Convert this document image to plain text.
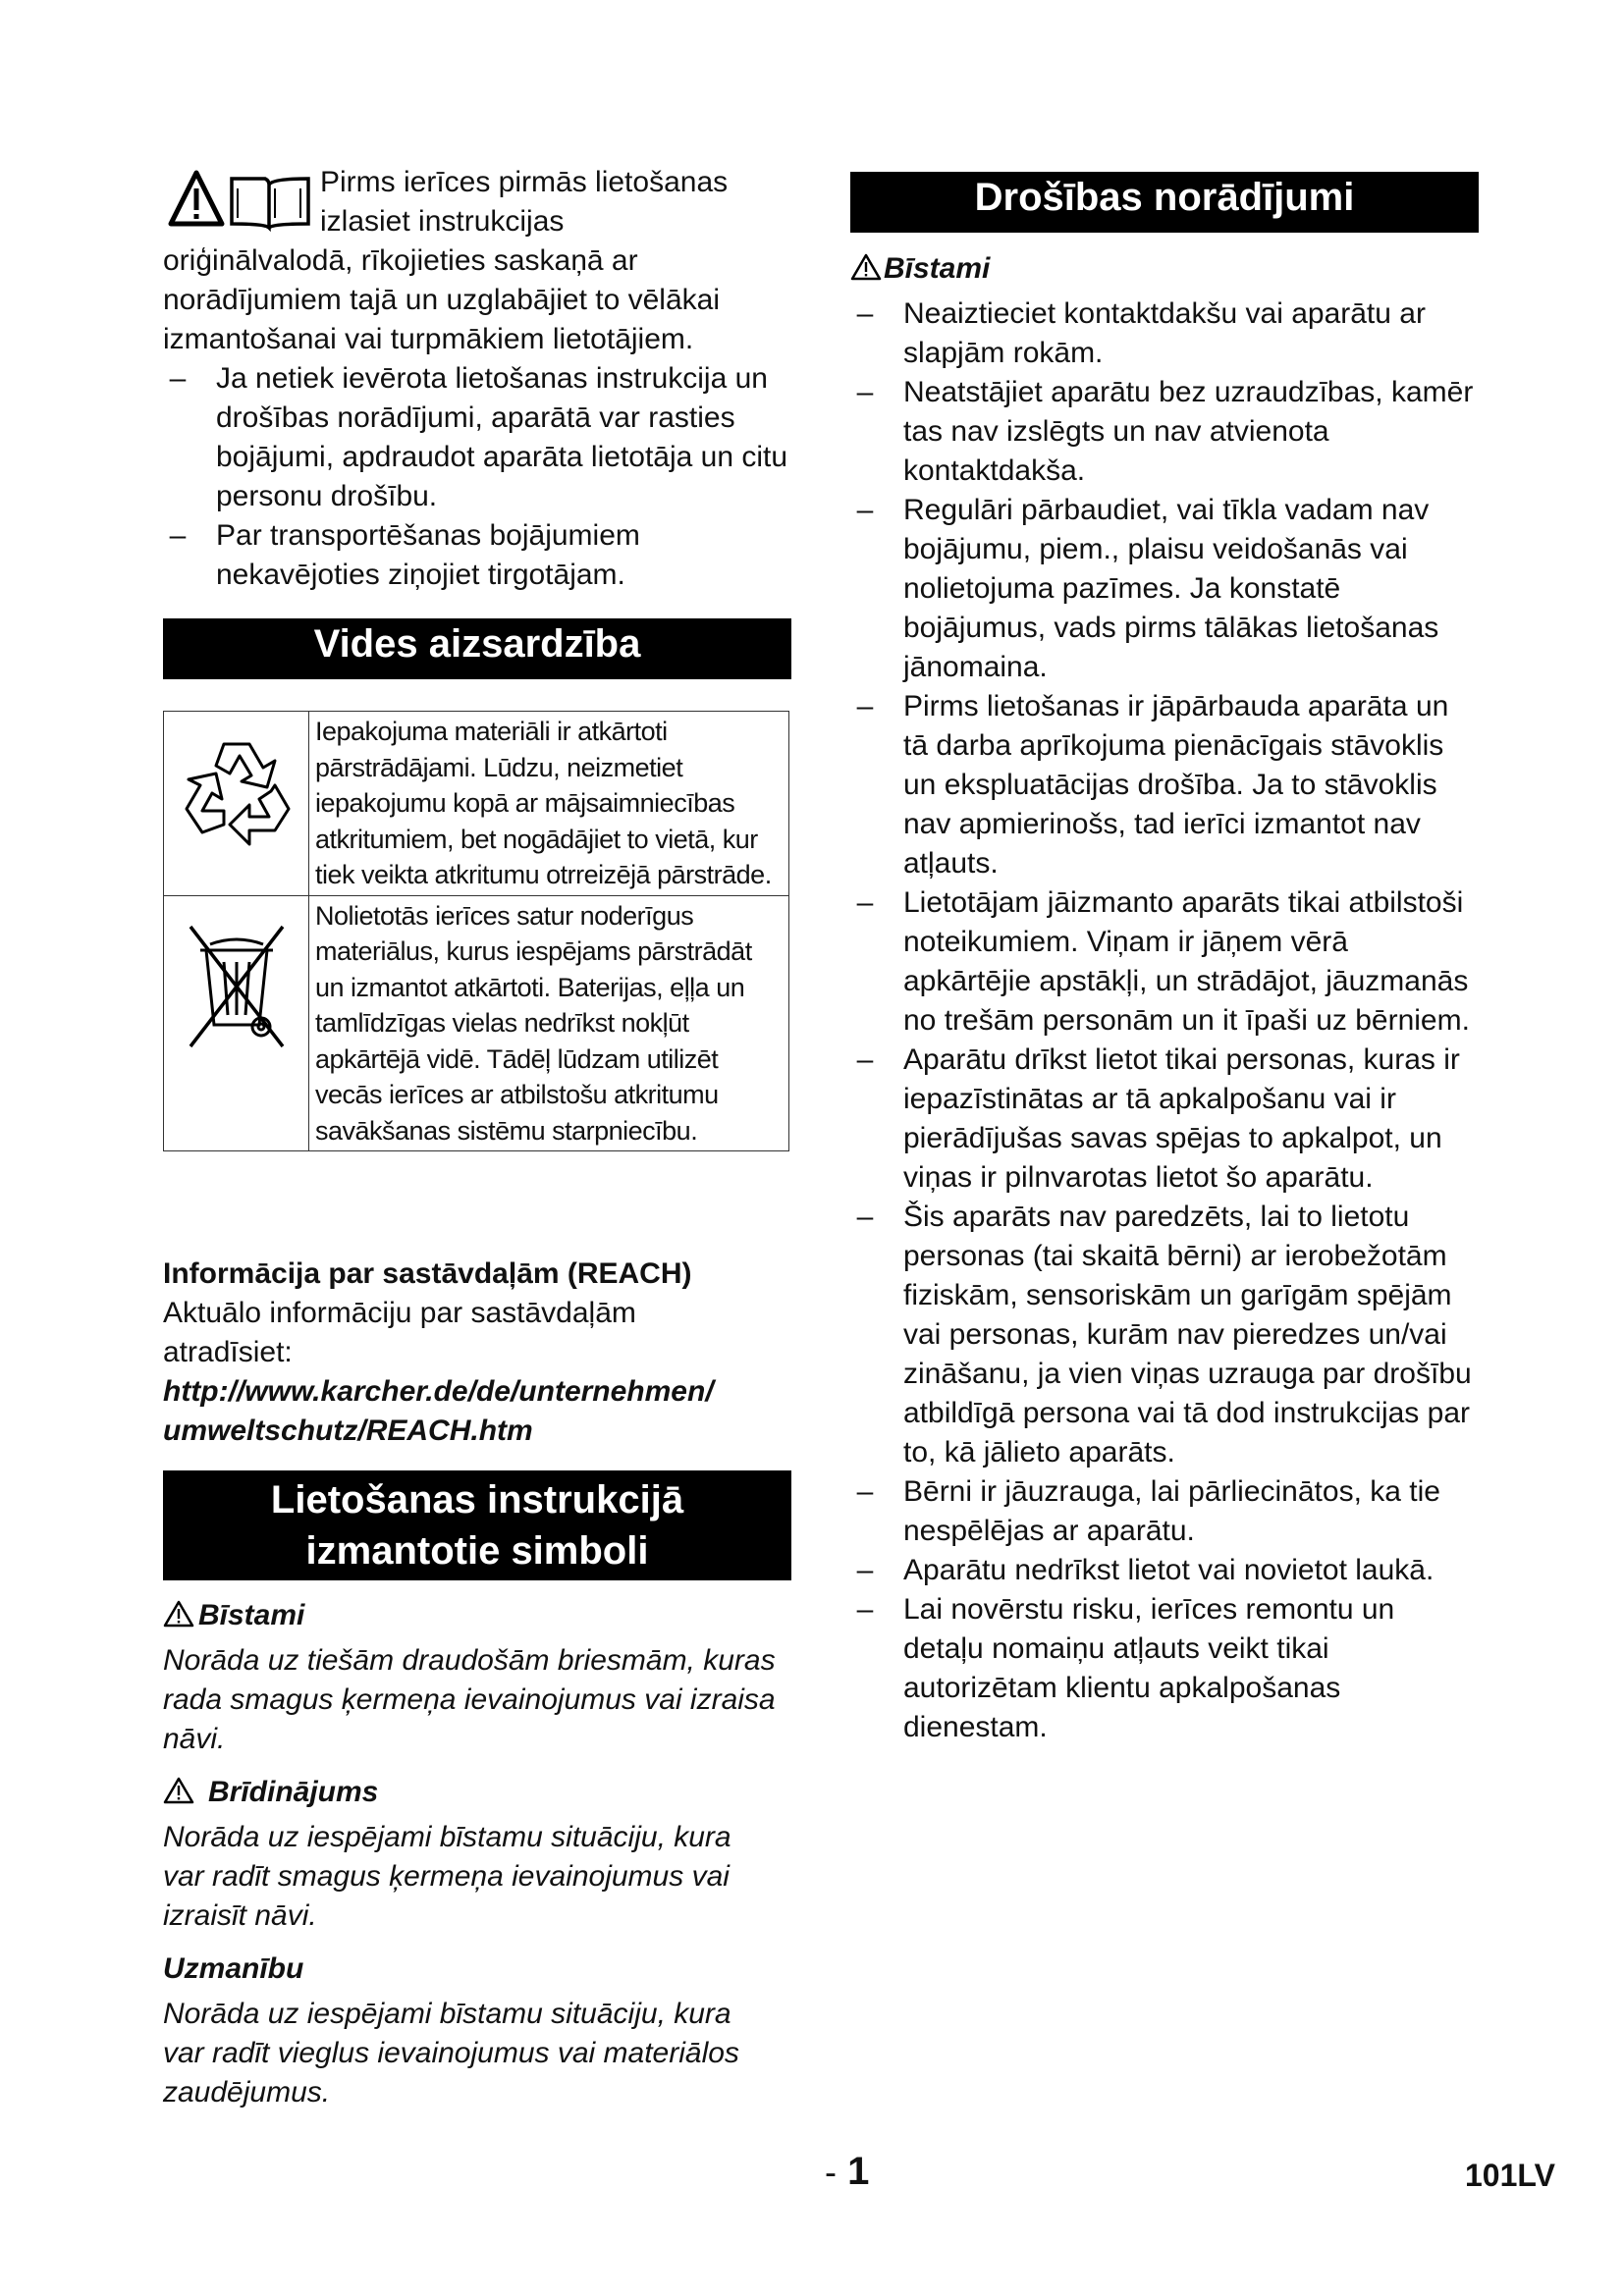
Pirms ierīces pirmās lietošanas

izlasiet instrukcijas

oriģinālvalodā, rīkojieties saskaņā ar

norādījumiem tajā un uzglabājiet to vēlākai

izmantošanai vai turpmākiem lietotājiem.

– Ja netiek ievērota lietošanas instrukcija un drošības norādījumi, aparātā var rasties bojājumi, apdraudot aparāta lietotāja un citu personu drošību.
– Par transportēšanas bojājumiem nekavējoties ziņojiet tirgotājam.
Vides aizsardzība
	Iepakojuma materiāli ir atkārtoti pārstrādājami. Lūdzu, neizmetiet iepakojumu kopā ar mājsaimniecības atkritumiem, bet nogādājiet to vietā, kur tiek veikta atkritumu otrreizējā pārstrāde.
	Nolietotās ierīces satur noderīgus materiālus, kurus iespējams pārstrādāt un izmantot atkārtoti. Baterijas, eļļa un tamlīdzīgas vielas nedrīkst nokļūt apkārtējā vidē. Tādēļ lūdzam utilizēt vecās ierīces ar atbilstošu atkritumu savākšanas sistēmu starpniecību.

Informācija par sastāvdaļām (REACH)

Aktuālo informāciju par sastāvdaļām atradīsiet:

http://www.karcher.de/de/unternehmen/

umweltschutz/REACH.htm

Lietošanas instrukcijā
izmantotie simboli

Bīstami

Norāda uz tiešām draudošām briesmām, kuras rada smagus ķermeņa ievainojumus vai izraisa nāvi.

Brīdinājums

Norāda uz iespējami bīstamu situāciju, kura var radīt smagus ķermeņa ievainojumus vai izraisīt nāvi.

Uzmanību

Norāda uz iespējami bīstamu situāciju, kura var radīt vieglus ievainojumus vai materiālos zaudējumus.

Drošības norādījumi

Bīstami

– Neaiztieciet kontaktdakšu vai aparātu ar slapjām rokām.
– Neatstājiet aparātu bez uzraudzības, kamēr tas nav izslēgts un nav atvienota kontaktdakša.
– Regulāri pārbaudiet, vai tīkla vadam nav bojājumu, piem., plaisu veidošanās vai nolietojuma pazīmes. Ja konstatē bojājumus, vads pirms tālākas lietošanas jānomaina.
– Pirms lietošanas ir jāpārbauda aparāta un tā darba aprīkojuma pienācīgais stāvoklis un ekspluatācijas drošība. Ja to stāvoklis nav apmierinošs, tad ierīci izmantot nav atļauts.
– Lietotājam jāizmanto aparāts tikai atbilstoši noteikumiem. Viņam ir jāņem vērā apkārtējie apstākļi, un strādājot, jāuzmanās no trešām personām un it īpaši uz bērniem.
– Aparātu drīkst lietot tikai personas, kuras ir iepazīstinātas ar tā apkalpošanu vai ir pierādījušas savas spējas to apkalpot, un viņas ir pilnvarotas lietot šo aparātu.
– Šis aparāts nav paredzēts, lai to lietotu personas (tai skaitā bērni) ar ierobežotām fiziskām, sensoriskām un garīgām spējām vai personas, kurām nav pieredzes un/vai zināšanu, ja vien viņas uzrauga par drošību atbildīgā persona vai tā dod instrukcijas par to, kā jālieto aparāts.
– Bērni ir jāuzrauga, lai pārliecinātos, ka tie nespēlējas ar aparātu.
– Aparātu nedrīkst lietot vai novietot laukā.
– Lai novērstu risku, ierīces remontu un detaļu nomaiņu atļauts veikt tikai autorizētam klientu apkalpošanas dienestam.
- 1	101LV
